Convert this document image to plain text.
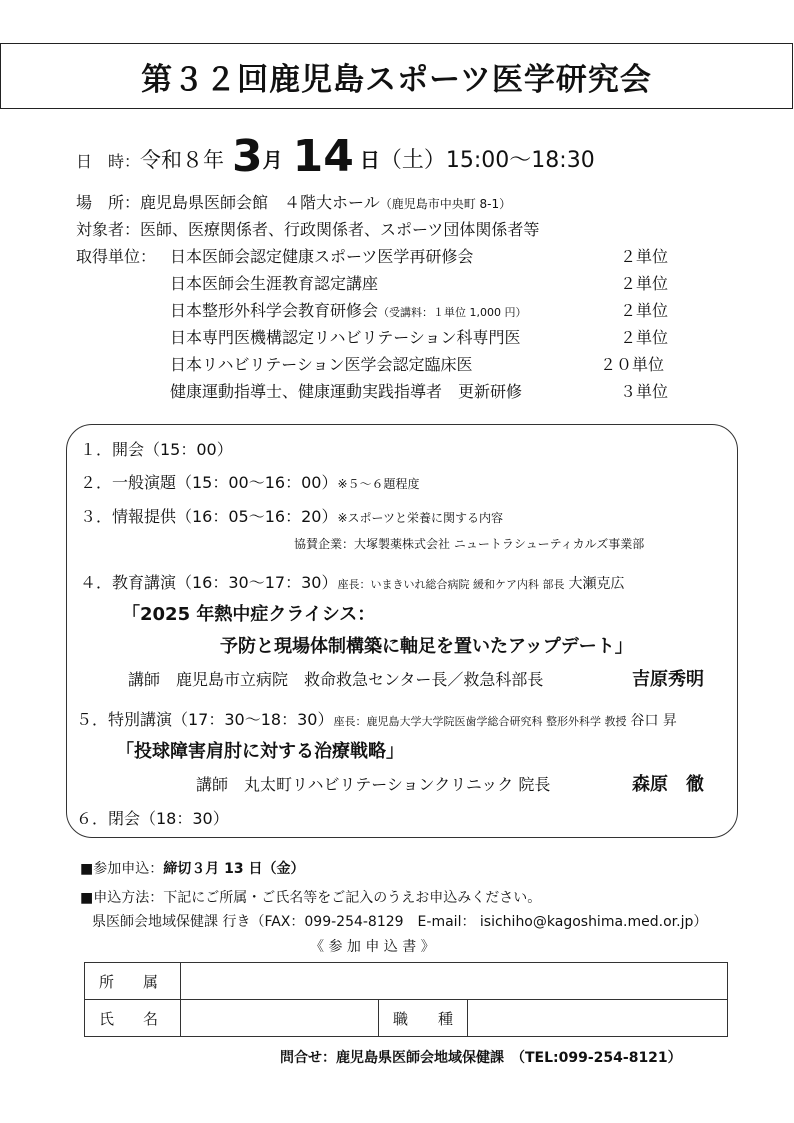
第３２回鹿児島スポーツ医学研究会
日　時：令和８年 3月 14 日（土）15:00～18:30
場　所：鹿児島県医師会館　４階大ホール（鹿児島市中央町 8-1）
対象者：医師、医療関係者、行政関係者、スポーツ団体関係者等
取得単位： 日本医師会認定健康スポーツ医学再研修会	２単位
日本医師会生涯教育認定講座	２単位
日本整形外科学会教育研修会（受講料：１単位 1,000 円）	２単位
日本専門医機構認定リハビリテーション科専門医	２単位
日本リハビリテーション医学会認定臨床医	２０単位
健康運動指導士、健康運動実践指導者　更新研修	３単位
１．開会（15：00）
２．一般演題（15：00～16：00）※５～６題程度
３．情報提供（16：05～16：20）※スポーツと栄養に関する内容
協賛企業：大塚製薬株式会社 ニュートラシューティカルズ事業部
４．教育講演（16：30～17：30）座長：いまきいれ総合病院 緩和ケア内科 部長 大瀬克広
「2025 年熱中症クライシス：
予防と現場体制構築に軸足を置いたアップデート」
講師　鹿児島市立病院　救命救急センター長／救急科部長	吉原秀明
５．特別講演（17：30～18：30）座長：鹿児島大学大学院医歯学総合研究科 整形外科学 教授 谷口 昇
「投球障害肩肘に対する治療戦略」
講師　丸太町リハビリテーションクリニック 院長	森原　徹
６．閉会（18：30）
■参加申込：締切３月 13 日（金）
■申込方法：下記にご所属・ご氏名等をご記入のうえお申込みください。
県医師会地域保健課 行き（FAX：099-254-8129　E-mail： isichiho@kagoshima.med.or.jp）
《 参 加 申 込 書 》
所 属			

氏 名		職 種	

問合せ：鹿児島県医師会地域保健課　（TEL:099-254-8121）
